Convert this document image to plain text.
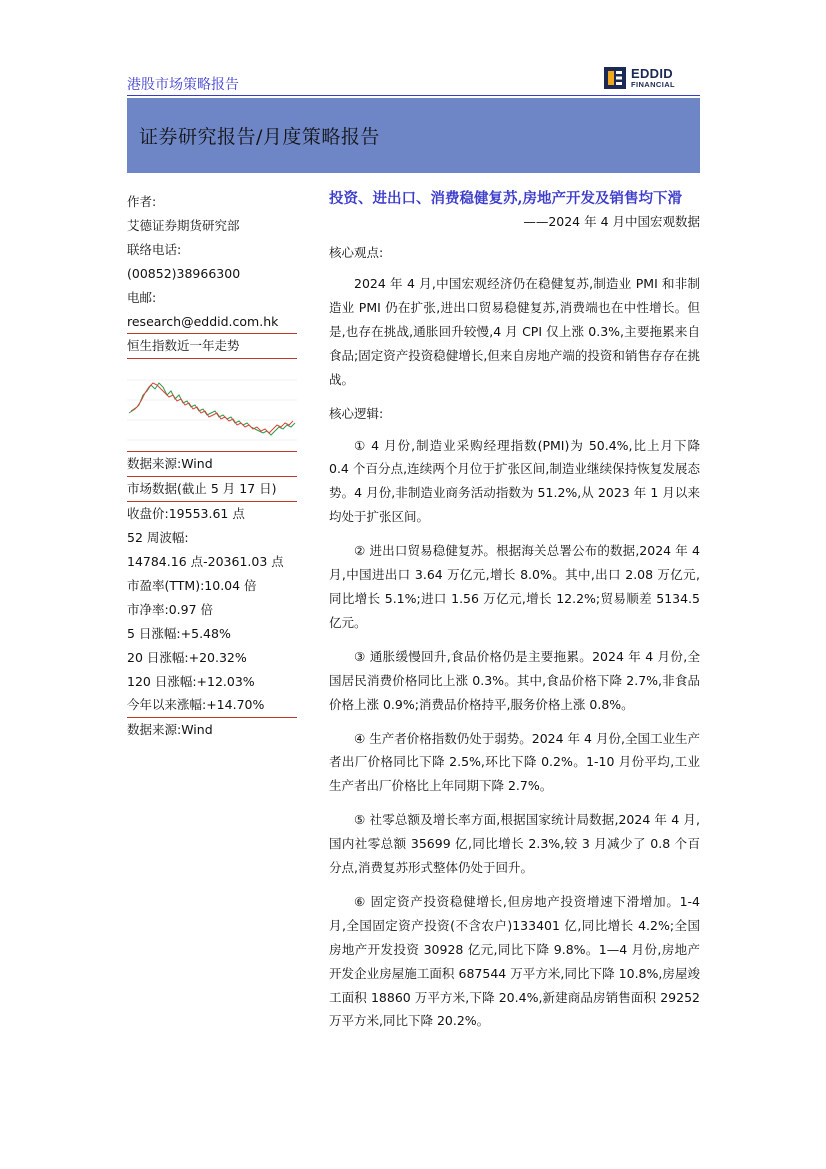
港股市场策略报告
EDDID
FINANCIAL
证券研究报告/月度策略报告
作者:
艾德证券期货研究部
联络电话:
(00852)38966300
电邮:
research@eddid.com.hk
恒生指数近一年走势
数据来源:Wind
市场数据(截止 5 月 17 日)
收盘价:19553.61 点
52 周波幅:
14784.16 点-20361.03 点
市盈率(TTM):10.04 倍
市净率:0.97 倍
5 日涨幅:+5.48%
20 日涨幅:+20.32%
120 日涨幅:+12.03%
今年以来涨幅:+14.70%
数据来源:Wind
投资、进出口、消费稳健复苏,房地产开发及销售均下滑
——2024 年 4 月中国宏观数据
核心观点:
2024 年 4 月,中国宏观经济仍在稳健复苏,制造业 PMI 和非制造业 PMI 仍在扩张,进出口贸易稳健复苏,消费端也在中性增长。但是,也存在挑战,通胀回升较慢,4 月 CPI 仅上涨 0.3%,主要拖累来自食品;固定资产投资稳健增长,但来自房地产端的投资和销售存存在挑战。
核心逻辑:
① 4 月份,制造业采购经理指数(PMI)为 50.4%,比上月下降 0.4 个百分点,连续两个月位于扩张区间,制造业继续保持恢复发展态势。4 月份,非制造业商务活动指数为 51.2%,从 2023 年 1 月以来均处于扩张区间。
② 进出口贸易稳健复苏。根据海关总署公布的数据,2024 年 4 月,中国进出口 3.64 万亿元,增长 8.0%。其中,出口 2.08 万亿元,同比增长 5.1%;进口 1.56 万亿元,增长 12.2%;贸易顺差 5134.5 亿元。
③ 通胀缓慢回升,食品价格仍是主要拖累。2024 年 4 月份,全国居民消费价格同比上涨 0.3%。其中,食品价格下降 2.7%,非食品价格上涨 0.9%;消费品价格持平,服务价格上涨 0.8%。
④ 生产者价格指数仍处于弱势。2024 年 4 月份,全国工业生产者出厂价格同比下降 2.5%,环比下降 0.2%。1-10 月份平均,工业生产者出厂价格比上年同期下降 2.7%。
⑤ 社零总额及增长率方面,根据国家统计局数据,2024 年 4 月,国内社零总额 35699 亿,同比增长 2.3%,较 3 月减少了 0.8 个百分点,消费复苏形式整体仍处于回升。
⑥ 固定资产投资稳健增长,但房地产投资增速下滑增加。1-4 月,全国固定资产投资(不含农户)133401 亿,同比增长 4.2%;全国房地产开发投资 30928 亿元,同比下降 9.8%。1—4 月份,房地产开发企业房屋施工面积 687544 万平方米,同比下降 10.8%,房屋竣工面积 18860 万平方米,下降 20.4%,新建商品房销售面积 29252 万平方米,同比下降 20.2%。
